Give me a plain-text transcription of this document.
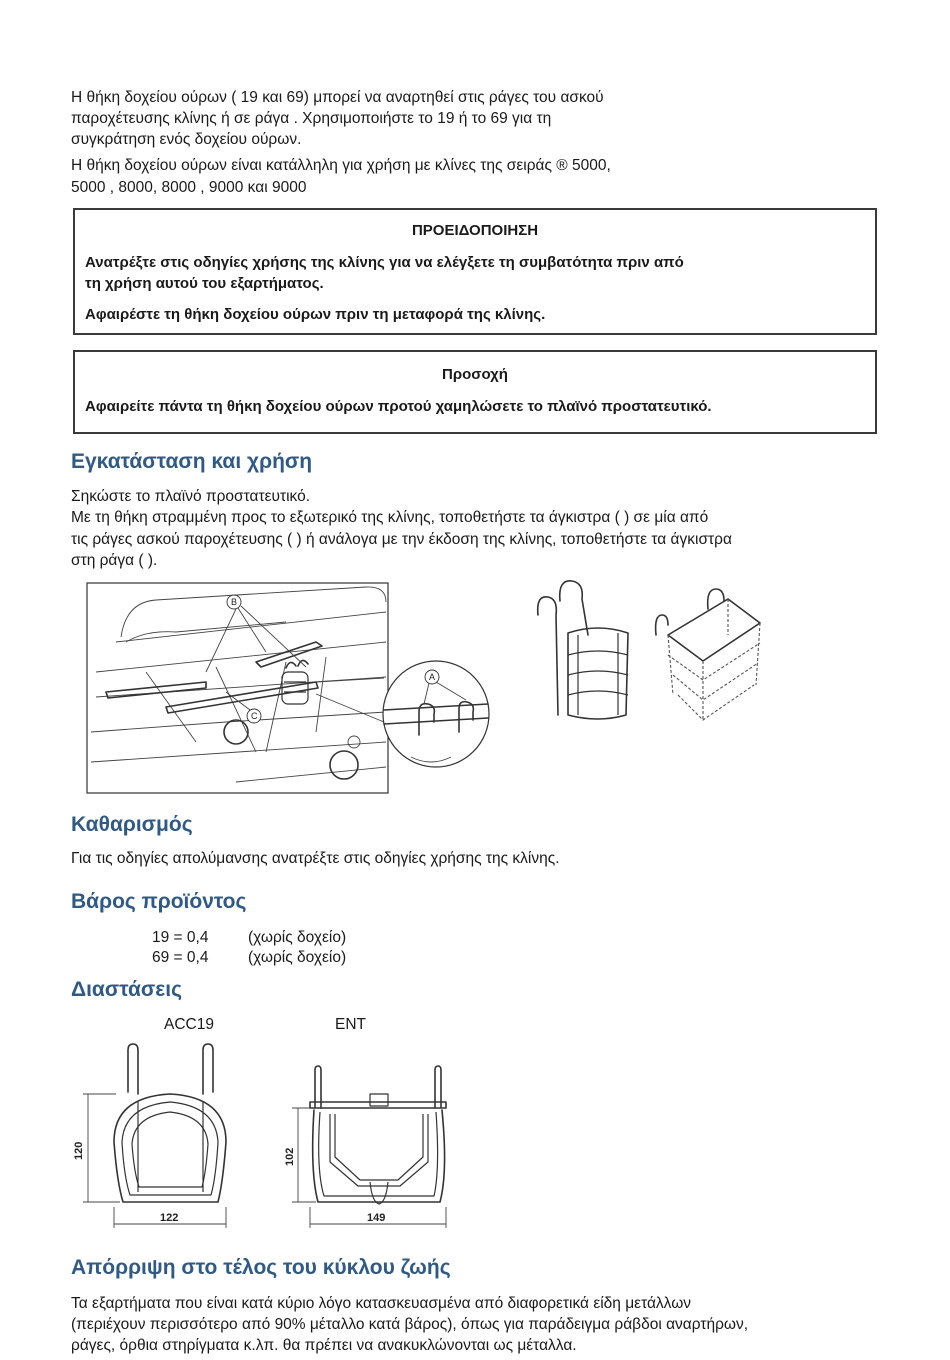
Η θήκη δοχείου ούρων ( 19 και 69) μπορεί να αναρτηθεί στις ράγες του ασκού
παροχέτευσης κλίνης ή σε ράγα . Χρησιμοποιήστε το 19 ή το 69 για τη
συγκράτηση ενός δοχείου ούρων.
Η θήκη δοχείου ούρων είναι κατάλληλη για χρήση με κλίνες της σειράς ® 5000,
5000 , 8000, 8000 , 9000 και 9000
ΠΡΟΕΙΔΟΠΟΙΗΣΗ
Ανατρέξτε στις οδηγίες χρήσης της κλίνης για να ελέγξετε τη συμβατότητα πριν από
τη χρήση αυτού του εξαρτήματος.
Αφαιρέστε τη θήκη δοχείου ούρων πριν τη μεταφορά της κλίνης.
Προσοχή
Αφαιρείτε πάντα τη θήκη δοχείου ούρων προτού χαμηλώσετε το πλαϊνό προστατευτικό.
Εγκατάσταση και χρήση
Σηκώστε το πλαϊνό προστατευτικό.
Με τη θήκη στραμμένη προς το εξωτερικό της κλίνης, τοποθετήστε τα άγκιστρα ( ) σε μία από
τις ράγες ασκού παροχέτευσης ( ) ή ανάλογα με την έκδοση της κλίνης, τοποθετήστε τα άγκιστρα
στη ράγα ( ).
B
C
A
Καθαρισμός
Για τις οδηγίες απολύμανσης ανατρέξτε στις οδηγίες χρήσης της κλίνης.
Βάρος προϊόντος
19 = 0,4	(χωρίς δοχείο)
69 = 0,4	(χωρίς δοχείο)
Διαστάσεις
ACC19	ENT
120
122
102
149
Απόρριψη στο τέλος του κύκλου ζωής
Τα εξαρτήματα που είναι κατά κύριο λόγο κατασκευασμένα από διαφορετικά είδη μετάλλων
(περιέχουν περισσότερο από 90% μέταλλο κατά βάρος), όπως για παράδειγμα ράβδοι αναρτήρων,
ράγες, όρθια στηρίγματα κ.λπ. θα πρέπει να ανακυκλώνονται ως μέταλλα.
